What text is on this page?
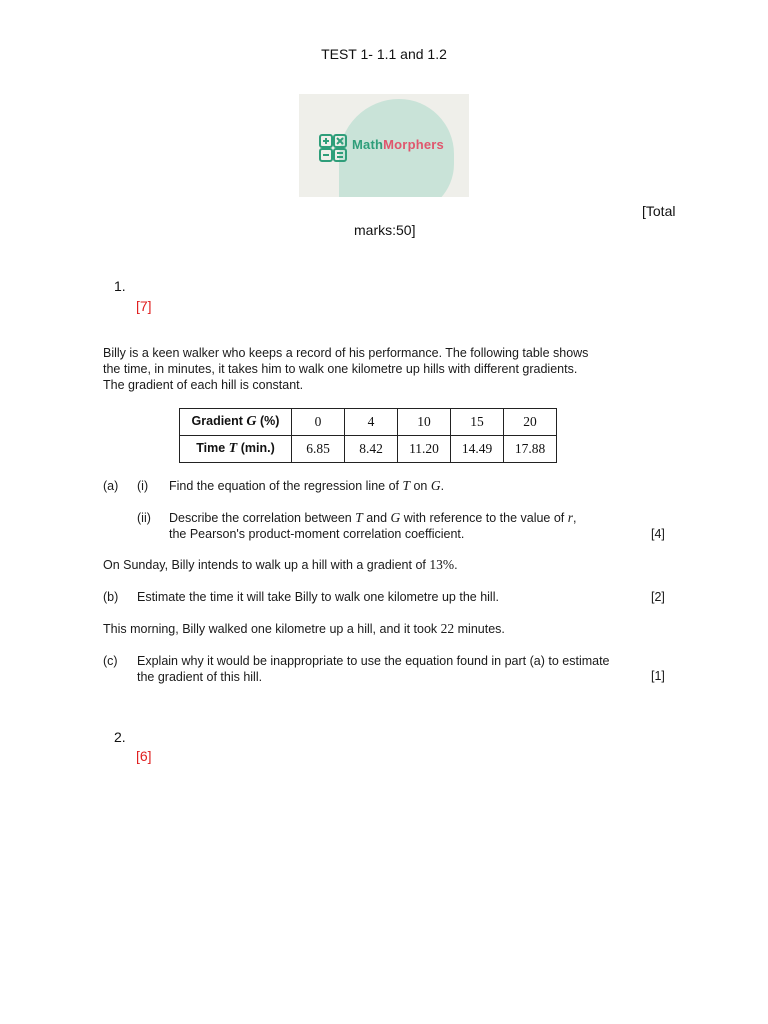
TEST 1- 1.1 and 1.2
MathMorphers
[Total
marks:50]
1.
[7]
Billy is a keen walker who keeps a record of his performance. The following table shows
the time, in minutes, it takes him to walk one kilometre up hills with different gradients.
The gradient of each hill is constant.
Gradient G (%)	0	4	10	15	20
Time T (min.)	6.85	8.42	11.20	14.49	17.88
(a) (i) Find the equation of the regression line of T on G.
(ii) Describe the correlation between T and G with reference to the value of r,
the Pearson's product-moment correlation coefficient.	[4]
On Sunday, Billy intends to walk up a hill with a gradient of 13%.
(b) Estimate the time it will take Billy to walk one kilometre up the hill.	[2]
This morning, Billy walked one kilometre up a hill, and it took 22 minutes.
(c) Explain why it would be inappropriate to use the equation found in part (a) to estimate
the gradient of this hill.	[1]
2.
[6]
